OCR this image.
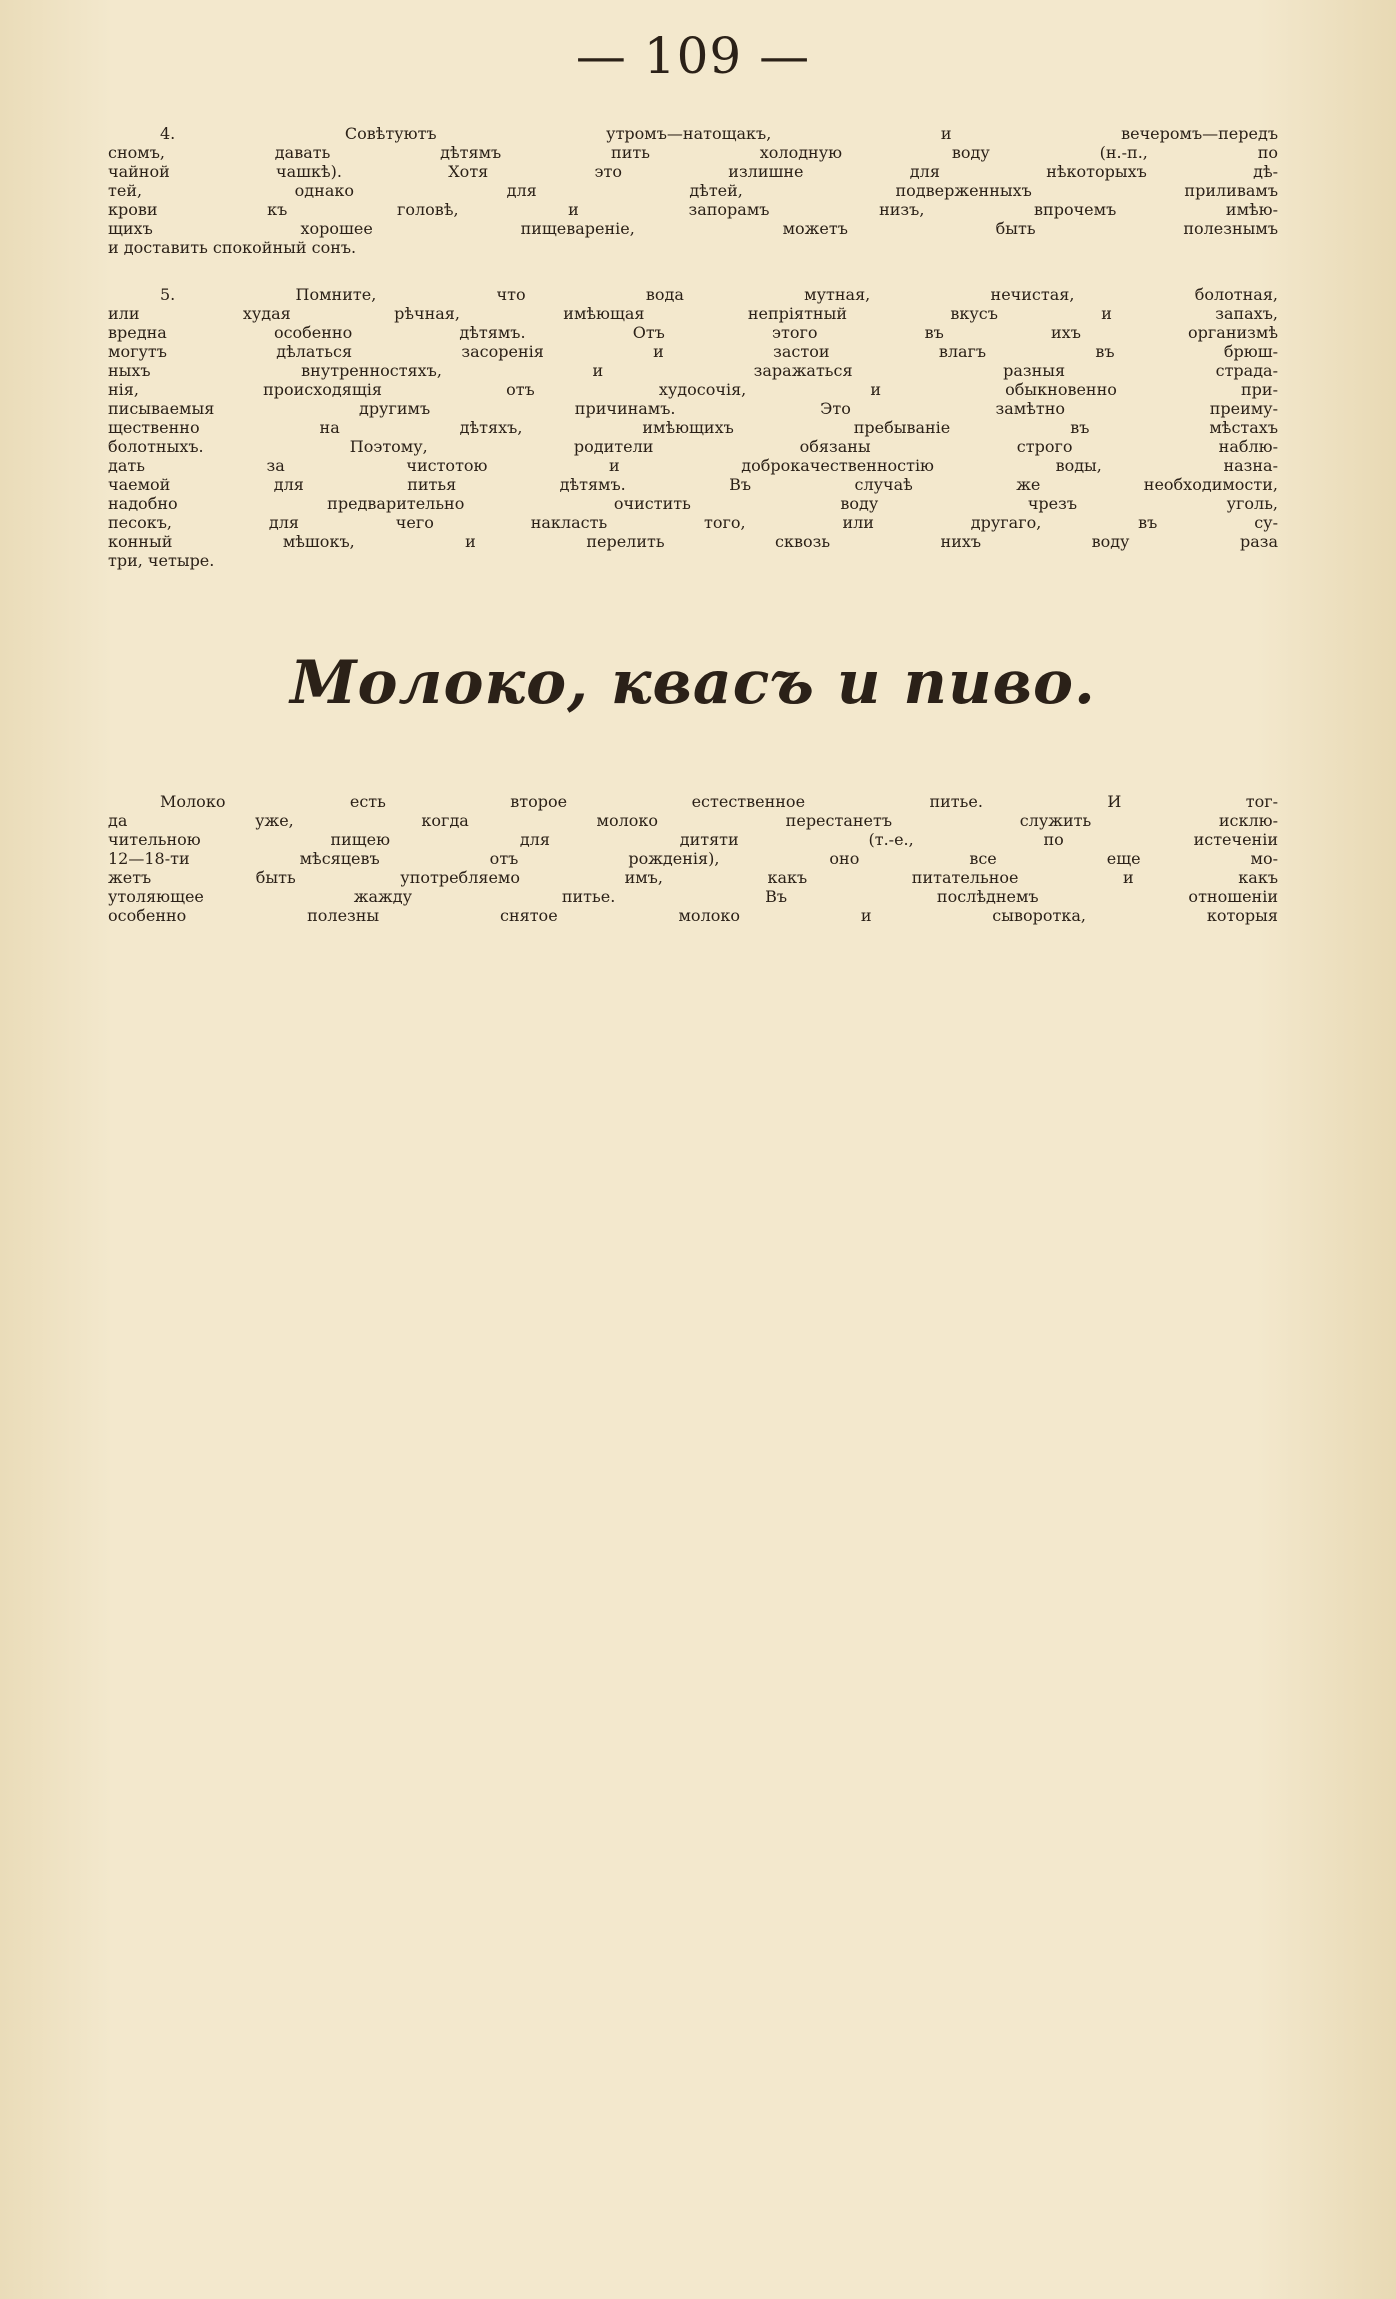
— 109 —
4. Совѣтуютъ утромъ—натощакъ, и вечеромъ—передъ
сномъ, давать дѣтямъ пить холодную воду (н.-п., по
чайной чашкѣ). Хотя это излишне для нѣкоторыхъ дѣ-
тей, однако для дѣтей, подверженныхъ приливамъ
крови къ головѣ, и запорамъ низъ, впрочемъ имѣю-
щихъ хорошее пищевареніе, можетъ быть полезнымъ
и доставить спокойный сонъ.
5. Помните, что вода мутная, нечистая, болотная,
или худая рѣчная, имѣющая непріятный вкусъ и запахъ,
вредна особенно дѣтямъ. Отъ этого въ ихъ организмѣ
могутъ дѣлаться засоренія и застои влагъ въ брюш-
ныхъ внутренностяхъ, и заражаться разныя страда-
нія, происходящія отъ худосочія, и обыкновенно при-
писываемыя другимъ причинамъ. Это замѣтно преиму-
щественно на дѣтяхъ, имѣющихъ пребываніе въ мѣстахъ
болотныхъ. Поэтому, родители обязаны строго наблю-
дать за чистотою и доброкачественностію воды, назна-
чаемой для питья дѣтямъ. Въ случаѣ же необходимости,
надобно предварительно очистить воду чрезъ уголь,
песокъ, для чего накласть того, или другаго, въ су-
конный мѣшокъ, и перелить сквозь нихъ воду раза
три, четыре.
Молоко, квасъ и пиво.
Молоко есть второе естественное питье. И тог-
да уже, когда молоко перестанетъ служить исклю-
чительною пищею для дитяти (т.-е., по истеченіи
12—18-ти мѣсяцевъ отъ рожденія), оно все еще мо-
жетъ быть употребляемо имъ, какъ питательное и какъ
утоляющее жажду питье. Въ послѣднемъ отношеніи
особенно полезны снятое молоко и сыворотка, которыя
